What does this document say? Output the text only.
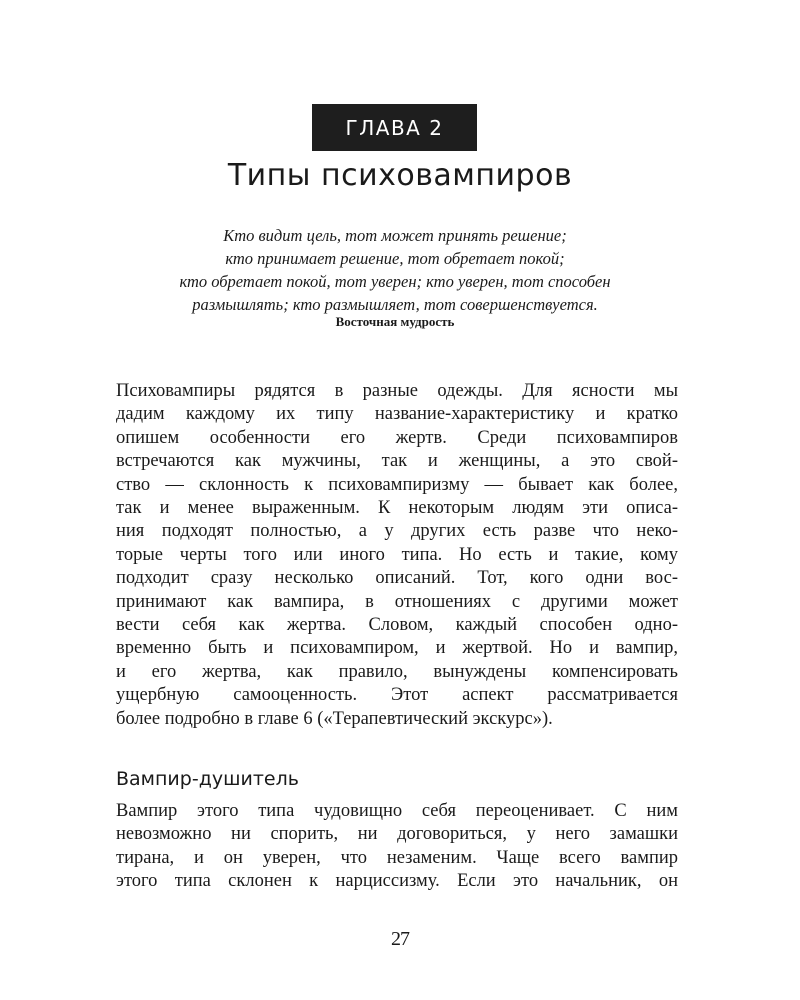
ГЛАВА 2
Типы психовампиров
Кто видит цель, тот может принять решение;
кто принимает решение, тот обретает покой;
кто обретает покой, тот уверен; кто уверен, тот способен
размышлять; кто размышляет, тот совершенствуется.
Восточная мудрость
Психовампиры рядятся в разные одежды. Для ясности мы
дадим каждому их типу название-характеристику и кратко
опишем особенности его жертв. Среди психовампиров
встречаются как мужчины, так и женщины, а это свой-
ство — склонность к психовампиризму — бывает как более,
так и менее выраженным. К некоторым людям эти описа-
ния подходят полностью, а у других есть разве что неко-
торые черты того или иного типа. Но есть и такие, кому
подходит сразу несколько описаний. Тот, кого одни вос-
принимают как вампира, в отношениях с другими может
вести себя как жертва. Словом, каждый способен одно-
временно быть и психовампиром, и жертвой. Но и вампир,
и его жертва, как правило, вынуждены компенсировать
ущербную самооценность. Этот аспект рассматривается
более подробно в главе 6 («Терапевтический экскурс»).
Вампир-душитель
Вампир этого типа чудовищно себя переоценивает. С ним
невозможно ни спорить, ни договориться, у него замашки
тирана, и он уверен, что незаменим. Чаще всего вампир
этого типа склонен к нарциссизму. Если это начальник, он
27
